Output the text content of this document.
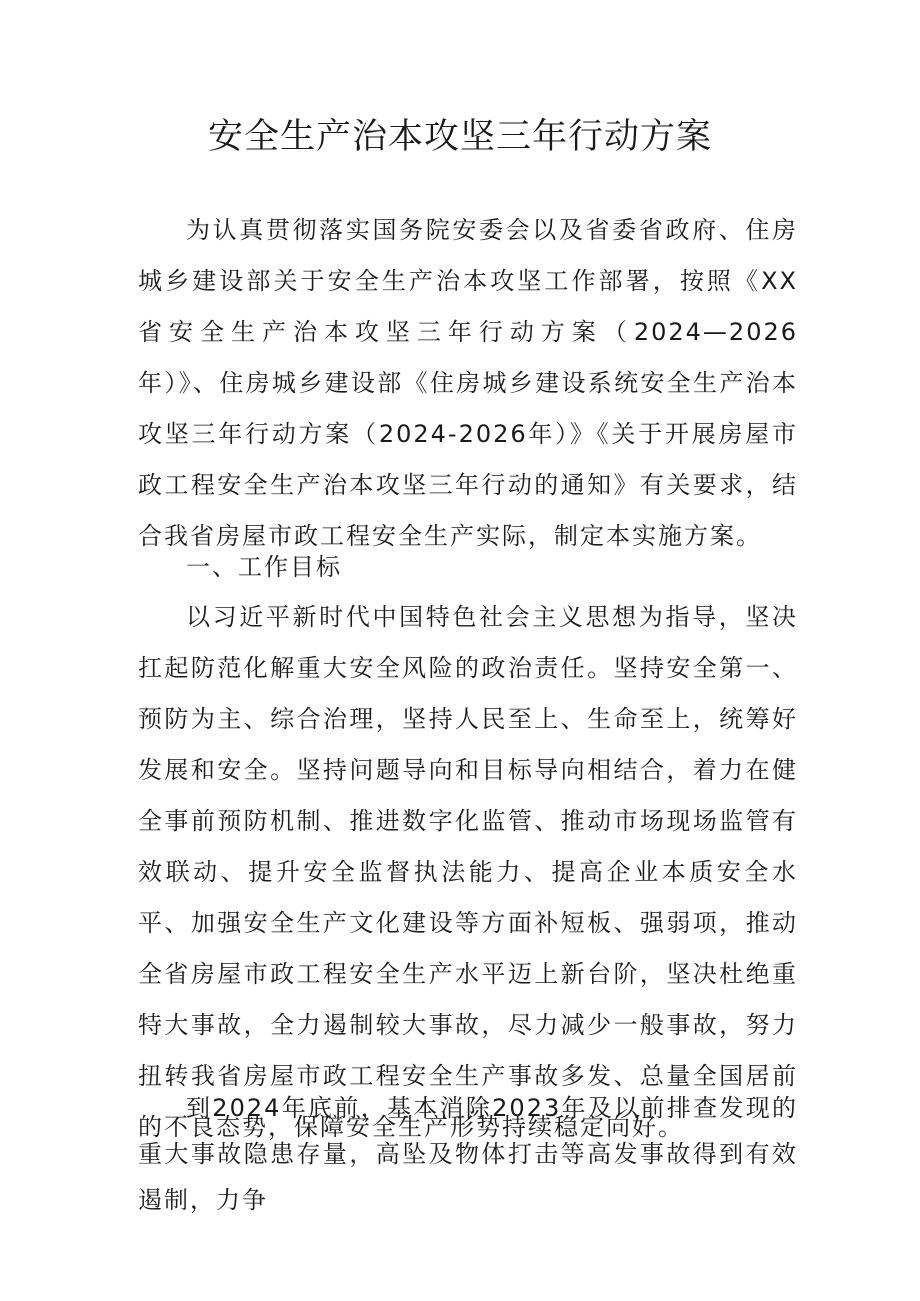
安全生产治本攻坚三年行动方案

为认真贯彻落实国务院安委会以及省委省政府、住房城乡建设部关于安全生产治本攻坚工作部署，按照《XX省安全生产治本攻坚三年行动方案（2024—2026年）》、住房城乡建设部《住房城乡建设系统安全生产治本攻坚三年行动方案（2024-2026年）》《关于开展房屋市政工程安全生产治本攻坚三年行动的通知》有关要求，结合我省房屋市政工程安全生产实际，制定本实施方案。

一、工作目标

以习近平新时代中国特色社会主义思想为指导，坚决扛起防范化解重大安全风险的政治责任。坚持安全第一、预防为主、综合治理，坚持人民至上、生命至上，统筹好发展和安全。坚持问题导向和目标导向相结合，着力在健全事前预防机制、推进数字化监管、推动市场现场监管有效联动、提升安全监督执法能力、提高企业本质安全水平、加强安全生产文化建设等方面补短板、强弱项，推动全省房屋市政工程安全生产水平迈上新台阶，坚决杜绝重特大事故，全力遏制较大事故，尽力减少一般事故，努力扭转我省房屋市政工程安全生产事故多发、总量全国居前的不良态势，保障安全生产形势持续稳定向好。

到2024年底前，基本消除2023年及以前排查发现的重大事故隐患存量，高坠及物体打击等高发事故得到有效遏制，力争
